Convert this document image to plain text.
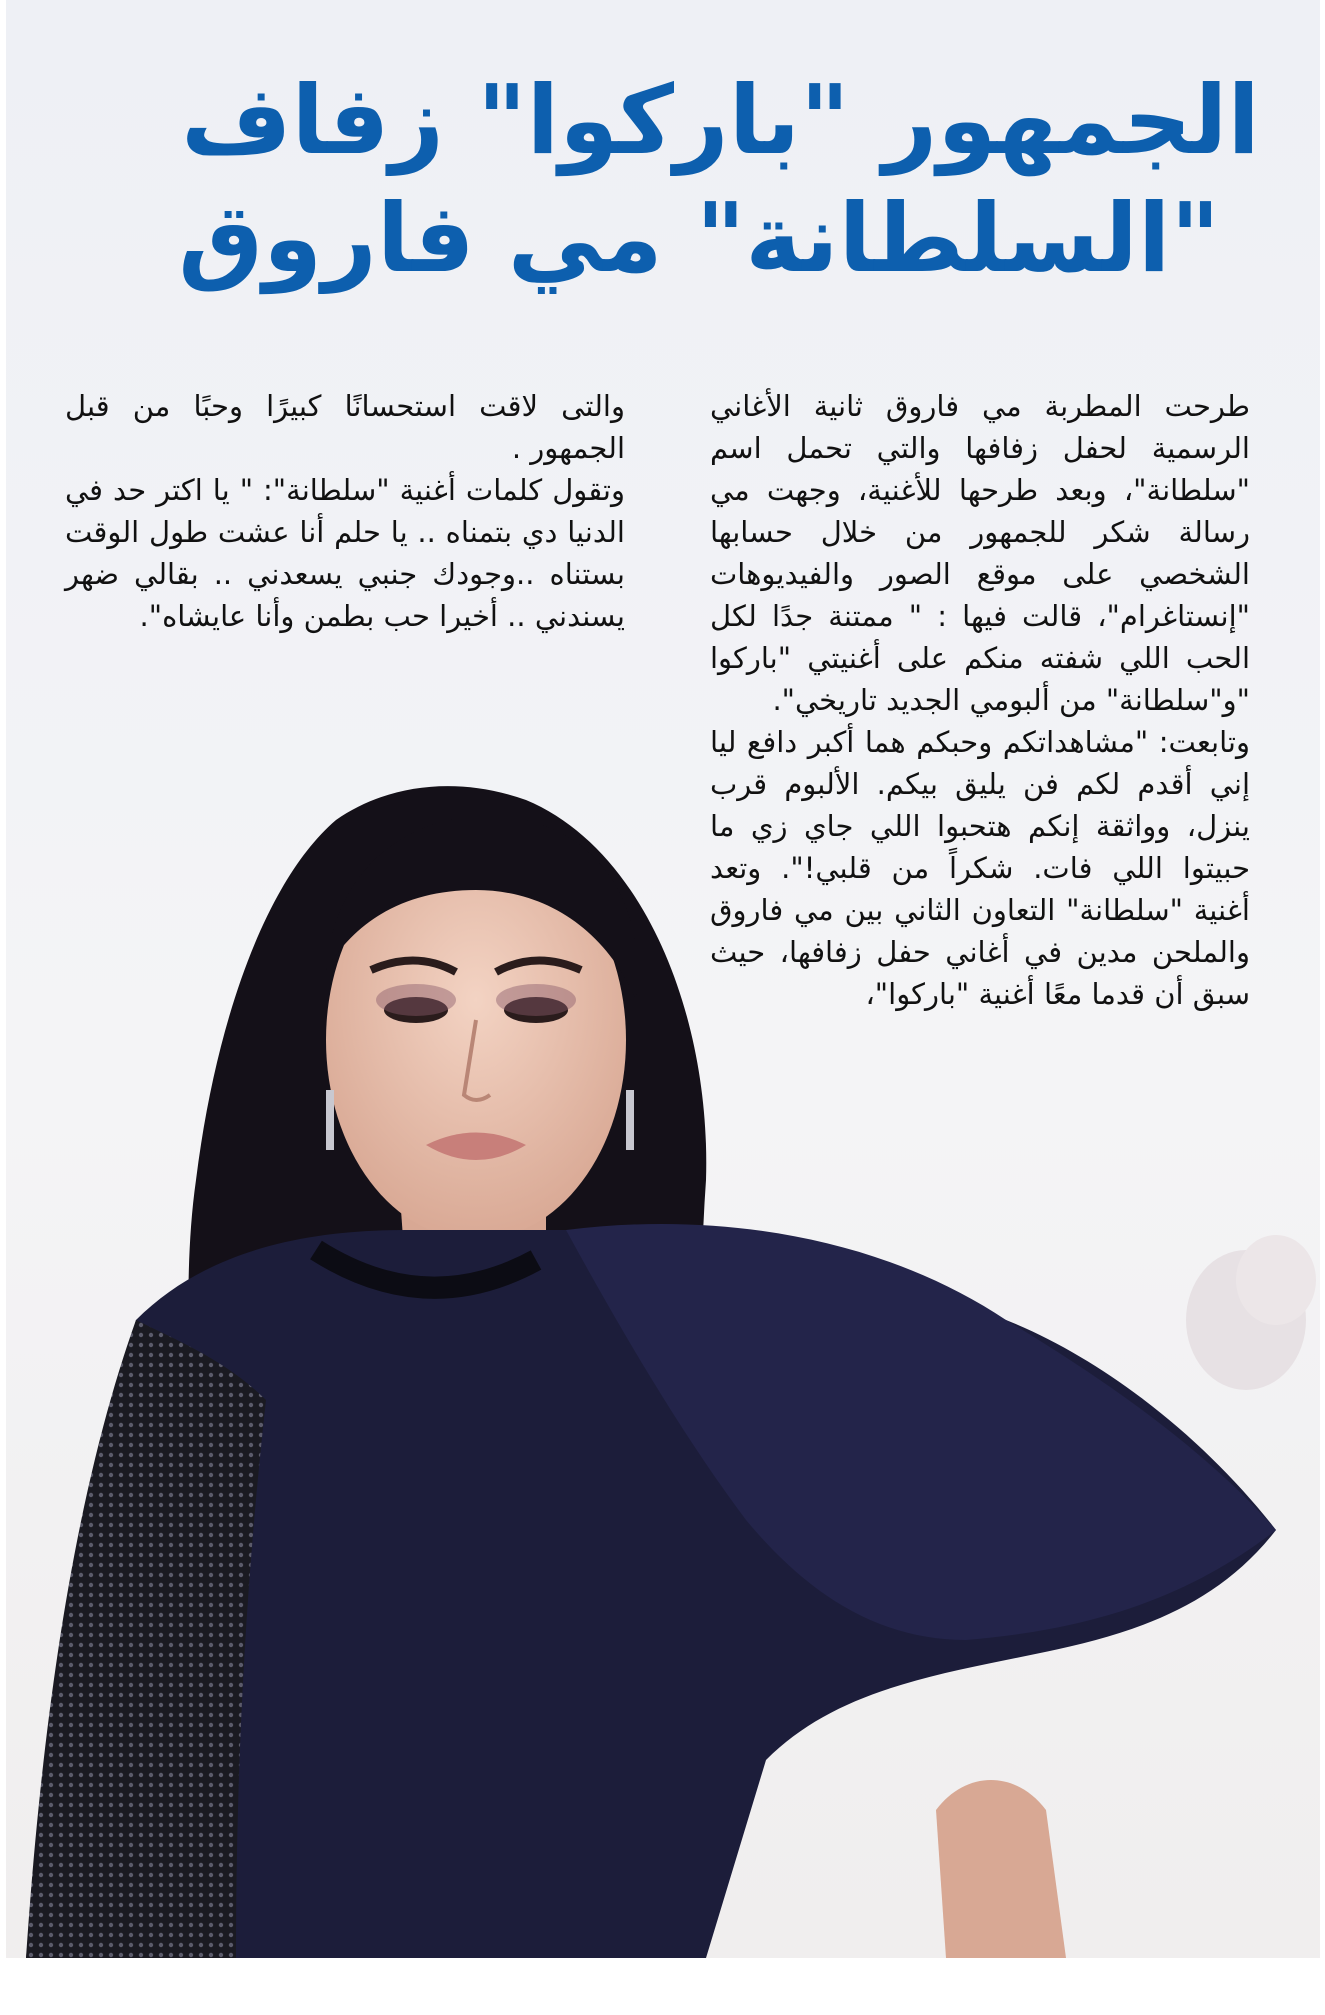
الجمهور "باركوا" زفاف
"السلطانة" مي فاروق

طرحت المطربة مي فاروق ثانية الأغاني الرسمية لحفل زفافها والتي تحمل اسم "سلطانة"، وبعد طرحها للأغنية، وجهت مي رسالة شكر للجمهور من خلال حسابها الشخصي على موقع الصور والفيديوهات "إنستاغرام"، قالت فيها : " ممتنة جدًا لكل الحب اللي شفته منكم على أغنيتي "باركوا "و"سلطانة" من ألبومي الجديد تاريخي".

وتابعت: "مشاهداتكم وحبكم هما أكبر دافع ليا إني أقدم لكم فن يليق بيكم. الألبوم قرب ينزل، وواثقة إنكم هتحبوا اللي جاي زي ما حبيتوا اللي فات. شكراً من قلبي!". وتعد أغنية "سلطانة" التعاون الثاني بين مي فاروق والملحن مدين في أغاني حفل زفافها، حيث سبق أن قدما معًا أغنية "باركوا"،

والتى لاقت استحسانًا كبيرًا وحبًا من قبل الجمهور .

وتقول كلمات أغنية "سلطانة": " يا اكتر حد في الدنيا دي بتمناه .. يا حلم أنا عشت طول الوقت بستناه ..وجودك جنبي يسعدني .. بقالي ضهر يسندني .. أخيرا حب بطمن وأنا عايشاه".
